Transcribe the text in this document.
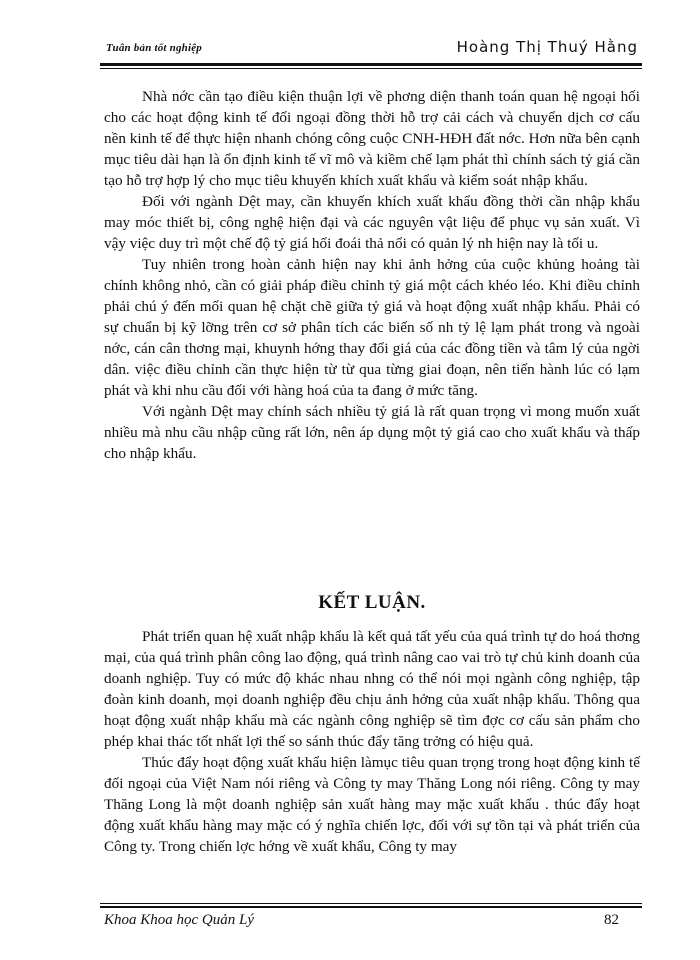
Tuân bản tốt nghiệp	Hoàng Thị Thuý Hằng

Nhà nớc cần tạo điều kiện thuận lợi về phơng diện thanh toán quan hệ ngoại hối cho các hoạt động kinh tế đối ngoại đồng thời hỗ trợ cải cách và chuyển dịch cơ cấu nền kinh tế để thực hiện nhanh chóng công cuộc CNH-HĐH đất nớc. Hơn nữa bên cạnh mục tiêu dài hạn là ổn định kinh tế vĩ mô và kiềm chế lạm phát thì chính sách tỷ giá cần tạo hỗ trợ hợp lý cho mục tiêu khuyến khích xuất khẩu và kiểm soát nhập khẩu.

Đối với ngành Dệt may, cần khuyến khích xuất khẩu đồng thời cần nhập khẩu may móc thiết bị, công nghệ hiện đại và các nguyên vật liệu để phục vụ sản xuất. Vì vậy việc duy trì một chế độ tỷ giá hối đoái thả nổi có quản lý nh hiện nay là tối u.

Tuy nhiên trong hoàn cảnh hiện nay khi ảnh hởng của cuộc khủng hoảng tài chính không nhỏ, cần có giải pháp điều chỉnh tỷ giá một cách khéo léo. Khi điều chỉnh phải chú ý đến mối quan hệ chặt chẽ giữa tỷ giá và hoạt động xuất nhập khẩu. Phải có sự chuẩn bị kỹ lỡng trên cơ sở phân tích các biến số nh tỷ lệ lạm phát trong và ngoài nớc, cán cân thơng mại, khuynh hớng thay đổi giá của các đồng tiền và tâm lý của ngời dân. việc điều chỉnh cần thực hiện từ từ qua từng giai đoạn, nên tiến hành lúc có lạm phát và khi nhu cầu đối với hàng hoá của ta đang ở mức tăng.

Với ngành Dệt may chính sách nhiều tỷ giá là rất quan trọng vì mong muốn xuất nhiều mà nhu cầu nhập cũng rất lớn, nên áp dụng một tỷ giá cao cho xuất khẩu và thấp cho nhập khẩu.

KẾT LUẬN.

Phát triển quan hệ xuất nhập khẩu là kết quả tất yếu của quá trình tự do hoá thơng mại, của quá trình phân công lao động, quá trình nâng cao vai trò tự chủ kinh doanh của doanh nghiệp. Tuy có mức độ khác nhau nhng có thể nói mọi ngành công nghiệp, tập đoàn kinh doanh, mọi doanh nghiệp đều chịu ảnh hởng của xuất nhập khẩu. Thông qua hoạt động xuất nhập khẩu mà các ngành công nghiệp sẽ tìm đợc cơ cấu sản phẩm cho phép khai thác tốt nhất lợi thế so sánh thúc đẩy tăng trởng có hiệu quả.

Thúc đẩy hoạt động xuất khẩu hiện làmục tiêu quan trọng trong hoạt động kinh tế đối ngoại của Việt Nam nói riêng và Công ty may Thăng Long nói riêng. Công ty may Thăng Long là một doanh nghiệp sản xuất hàng may mặc xuất khẩu . thúc đẩy hoạt động xuất khẩu hàng may mặc có ý nghĩa chiến lợc, đối với sự tồn tại và phát triển của Công ty. Trong chiến lợc hớng về xuất khẩu, Công ty may

Khoa Khoa học Quản Lý	82
